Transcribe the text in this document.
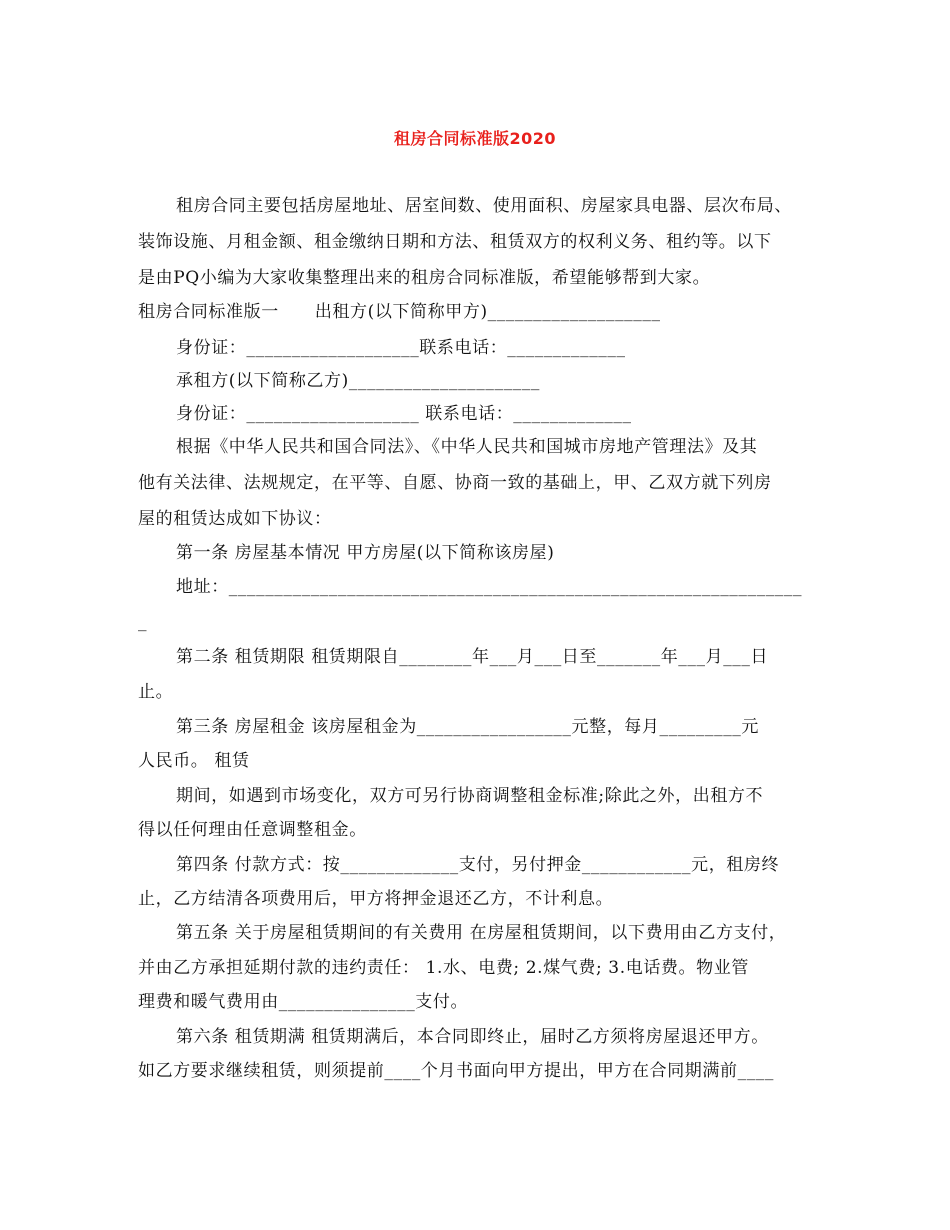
租房合同标准版2020
租房合同主要包括房屋地址、居室间数、使用面积、房屋家具电器、层次布局、
装饰设施、月租金额、租金缴纳日期和方法、租赁双方的权利义务、租约等。以下
是由PQ小编为大家收集整理出来的租房合同标准版，希望能够帮到大家。
租房合同标准版一      出租方(以下简称甲方)___________________
身份证：___________________联系电话：_____________
承租方(以下简称乙方)_____________________
身份证：___________________ 联系电话：_____________
根据《中华人民共和国合同法》、《中华人民共和国城市房地产管理法》及其
他有关法律、法规规定，在平等、自愿、协商一致的基础上，甲、乙双方就下列房
屋的租赁达成如下协议：
第一条 房屋基本情况 甲方房屋(以下简称该房屋)
地址：_______________________________________________________________
_
第二条 租赁期限 租赁期限自________年___月___日至_______年___月___日
止。
第三条 房屋租金 该房屋租金为_________________元整，每月_________元
人民币。 租赁
期间，如遇到市场变化，双方可另行协商调整租金标准;除此之外，出租方不
得以任何理由任意调整租金。
第四条 付款方式：按_____________支付，另付押金____________元，租房终
止，乙方结清各项费用后，甲方将押金退还乙方，不计利息。
第五条 关于房屋租赁期间的有关费用 在房屋租赁期间，以下费用由乙方支付，
并由乙方承担延期付款的违约责任： 1.水、电费; 2.煤气费; 3.电话费。物业管
理费和暖气费用由_______________支付。
第六条 租赁期满 租赁期满后，本合同即终止，届时乙方须将房屋退还甲方。
如乙方要求继续租赁，则须提前____个月书面向甲方提出，甲方在合同期满前____
